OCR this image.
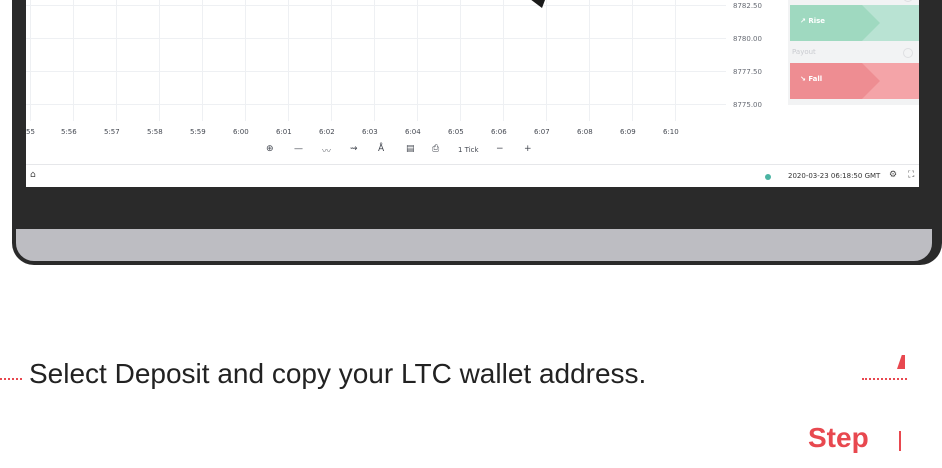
8782.50
8780.00
8777.50
8775.00
55	5:56	5:57	5:58	5:59	6:00	6:01	6:02	6:03	6:04	6:05	6:06	6:07	6:08	6:09	6:10
⊕ — 〰 ⇝ Å ▤ ⎙	1 Tick − +
↗ Rise
Payout
↘ Fall
⌂	2020-03-23 06:18:50 GMT ⚙ ⛶
Select Deposit and copy your LTC wallet address.
Step
